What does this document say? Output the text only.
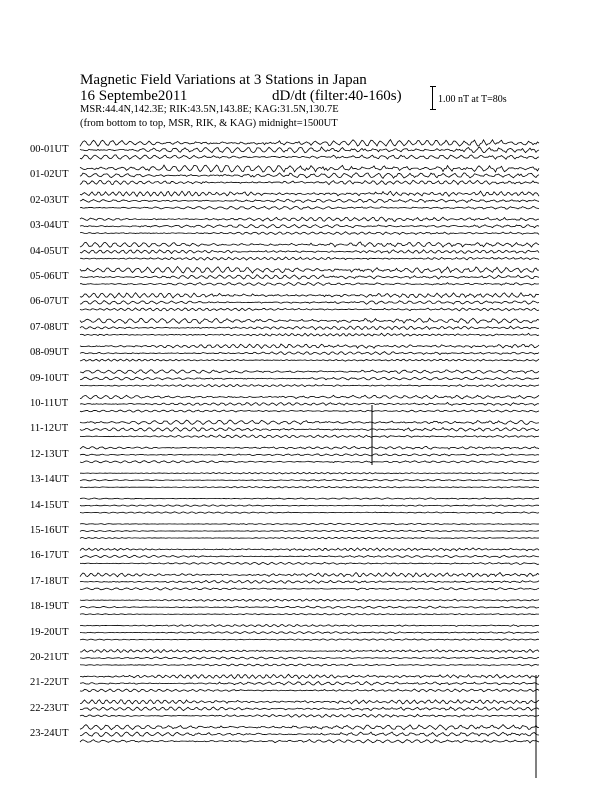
Magnetic Field Variations at 3 Stations in Japan
16 Septembe2011	dD/dt (filter:40-160s)
MSR:44.4N,142.3E; RIK:43.5N,143.8E; KAG:31.5N,130.7E
(from bottom to top, MSR, RIK, & KAG) midnight=1500UT
1.00 nT at T=80s
00-01UT
01-02UT
02-03UT
03-04UT
04-05UT
05-06UT
06-07UT
07-08UT
08-09UT
09-10UT
10-11UT
11-12UT
12-13UT
13-14UT
14-15UT
15-16UT
16-17UT
17-18UT
18-19UT
19-20UT
20-21UT
21-22UT
22-23UT
23-24UT
